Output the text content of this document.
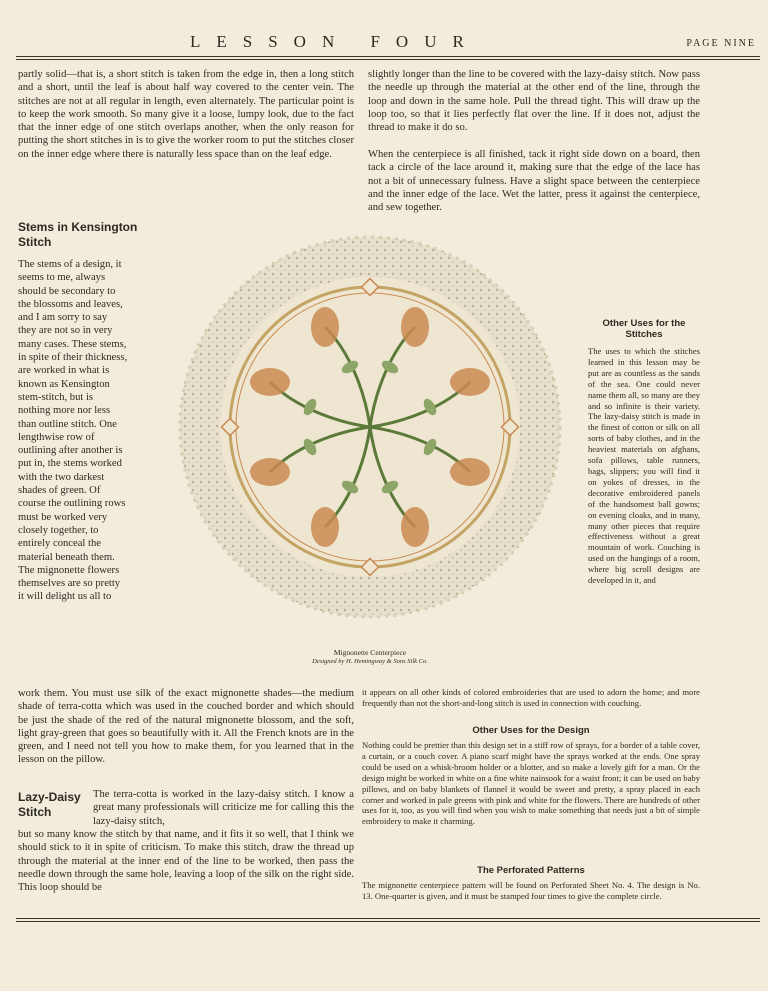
LESSON FOUR	PAGE NINE

partly solid—that is, a short stitch is taken from the edge in, then a long stitch and a short, until the leaf is about half way covered to the center vein. The stitches are not at all regular in length, even alternately. The particular point is to keep the work smooth. So many give it a loose, lumpy look, due to the fact that the inner edge of one stitch overlaps another, when the only reason for putting the short stitches in is to give the worker room to put the stitches closer on the inner edge where there is naturally less space than on the leaf edge.

Stems in Kensington Stitch

The stems of a design, it seems to me, always should be secondary to the blossoms and leaves, and I am sorry to say they are not so in very many cases. These stems, in spite of their thickness, are worked in what is known as Kensington stem-stitch, but is nothing more nor less than outline stitch. One lengthwise row of outlining after another is put in, the stems worked with the two darkest shades of green. Of course the outlining rows must be worked very closely together, to entirely conceal the material beneath them. The mignonette flowers themselves are so pretty it will delight us all to

work them. You must use silk of the exact mignonette shades—the medium shade of terra-cotta which was used in the couched border and which should be just the shade of the red of the natural mignonette blossom, and the soft, light gray-green that goes so beautifully with it. All the French knots are in the green, and I need not tell you how to make them, for you learned that in the lesson on the pillow.

Lazy-Daisy Stitch

The terra-cotta is worked in the lazy-daisy stitch. I know a great many professionals will criticize me for calling this the lazy-daisy stitch,

but so many know the stitch by that name, and it fits it so well, that I think we should stick to it in spite of criticism. To make this stitch, draw the thread up through the material at the inner end of the line to be worked, then pass the needle down through the same hole, leaving a loop of the silk on the right side. This loop should be

slightly longer than the line to be covered with the lazy-daisy stitch. Now pass the needle up through the material at the other end of the line, through the loop and down in the same hole. Pull the thread tight. This will draw up the loop too, so that it lies perfectly flat over the line. If it does not, adjust the thread to make it do so.

When the centerpiece is all finished, tack it right side down on a board, then tack a circle of the lace around it, making sure that the edge of the lace has not a bit of unnecessary fulness. Have a slight space between the centerpiece and the inner edge of the lace. Wet the latter, press it against the centerpiece, and sew together.

Other Uses for the Stitches

The uses to which the stitches learned in this lesson may be put are as countless as the sands of the sea. One could never name them all, so many are they and so infinite is their variety. The lazy-daisy stitch is made in the finest of cotton or silk on all sorts of baby clothes, and in the heaviest materials on afghans, sofa pillows, table runners, bags, slippers; you will find it on yokes of dresses, in the decorative embroidered panels of the handsomest ball gowns; on evening cloaks, and in many, many other pieces that require effectiveness without a great mountain of work. Couching is used on the hangings of a room, where big scroll designs are developed in it, and

it appears on all other kinds of colored embroideries that are used to adorn the home; and more frequently than not the short-and-long stitch is used in connection with couching.

Other Uses for the Design

Nothing could be prettier than this design set in a stiff row of sprays, for a border of a table cover, a curtain, or a couch cover. A piano scarf might have the sprays worked at the ends. One spray could be used on a whisk-broom holder or a blotter, and so make a lovely gift for a man. Or the design might be worked in white on a fine white nainsook for a waist front; it can be used on baby pillows, and on baby blankets of flannel it would be sweet and pretty, a spray placed in each corner and worked in pale greens with pink and white for the flowers. There are hundreds of other uses for it, too, as you will find when you wish to make something that needs just a bit of simple embroidery to make it charming.

The Perforated Patterns

The mignonette centerpiece pattern will be found on Perforated Sheet No. 4. The design is No. 13. One-quarter is given, and it must be stamped four times to give the complete circle.

Mignonette Centerpiece
Designed by H. Hemingway & Sons Silk Co.
